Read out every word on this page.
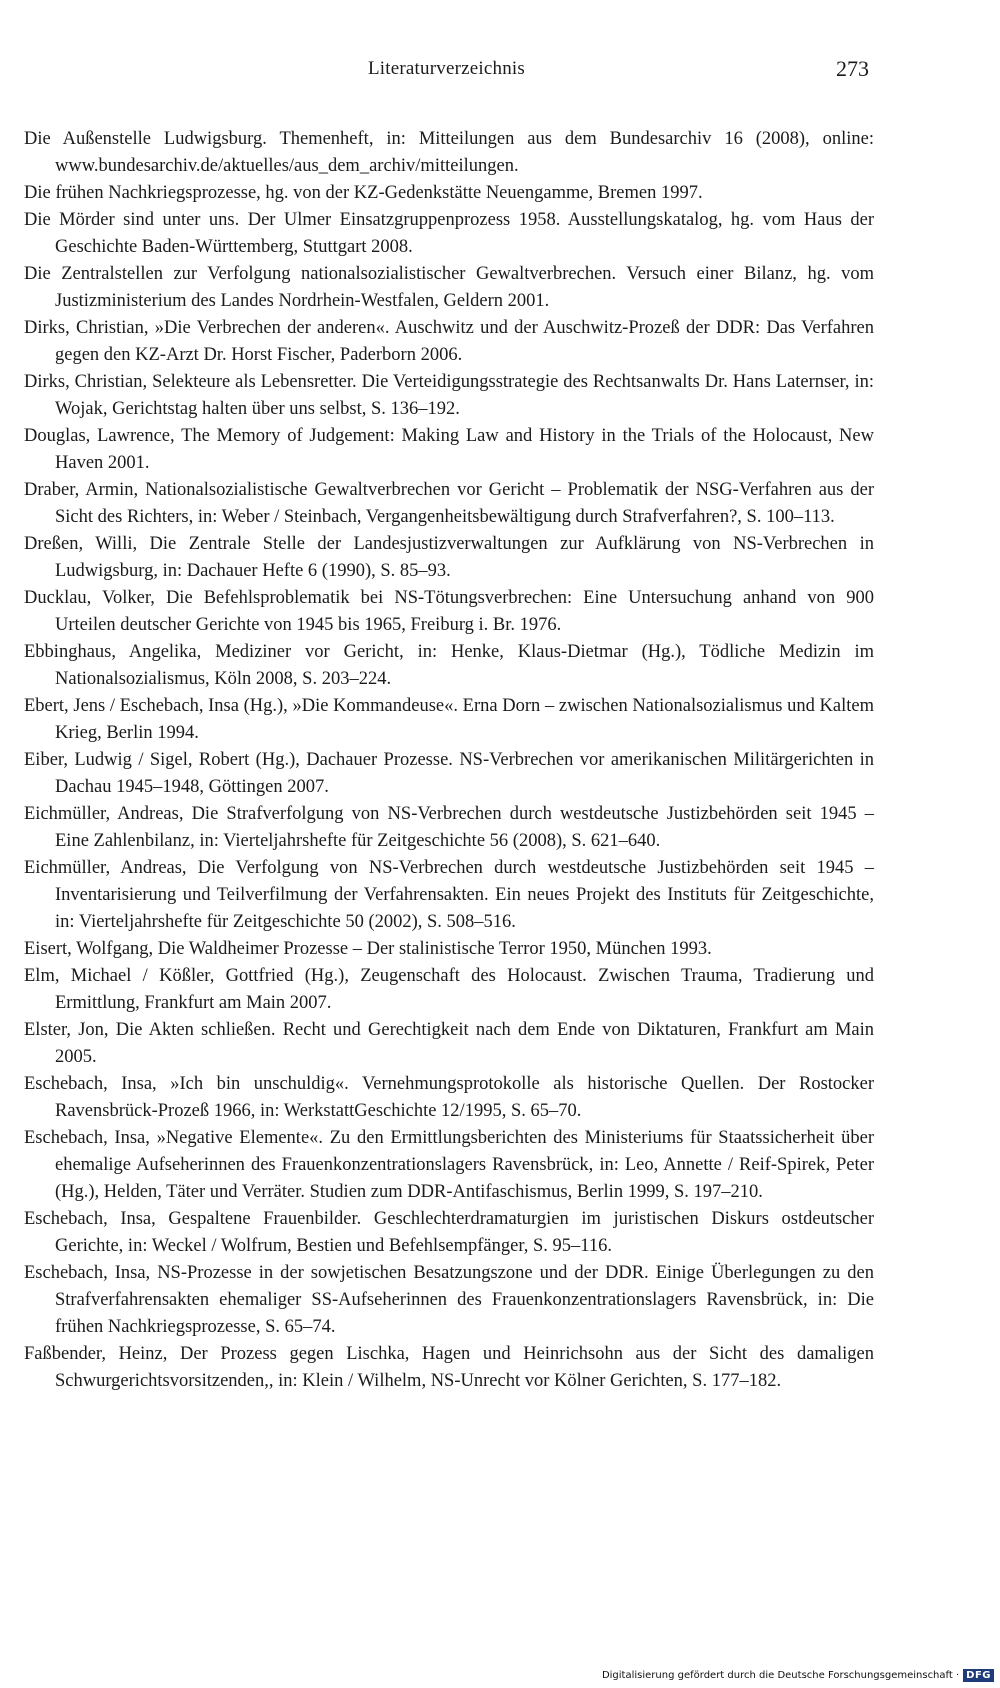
Literaturverzeichnis	273
Die Außenstelle Ludwigsburg. Themenheft, in: Mitteilungen aus dem Bundesarchiv 16 (2008), online: www.bundesarchiv.de/aktuelles/aus_dem_archiv/mitteilungen.
Die frühen Nachkriegsprozesse, hg. von der KZ-Gedenkstätte Neuengamme, Bremen 1997.
Die Mörder sind unter uns. Der Ulmer Einsatzgruppenprozess 1958. Ausstellungskatalog, hg. vom Haus der Geschichte Baden-Württemberg, Stuttgart 2008.
Die Zentralstellen zur Verfolgung nationalsozialistischer Gewaltverbrechen. Versuch einer Bilanz, hg. vom Justizministerium des Landes Nordrhein-Westfalen, Geldern 2001.
Dirks, Christian, »Die Verbrechen der anderen«. Auschwitz und der Auschwitz-Prozeß der DDR: Das Verfahren gegen den KZ-Arzt Dr. Horst Fischer, Paderborn 2006.
Dirks, Christian, Selekteure als Lebensretter. Die Verteidigungsstrategie des Rechtsanwalts Dr. Hans Laternser, in: Wojak, Gerichtstag halten über uns selbst, S. 136–192.
Douglas, Lawrence, The Memory of Judgement: Making Law and History in the Trials of the Holocaust, New Haven 2001.
Draber, Armin, Nationalsozialistische Gewaltverbrechen vor Gericht – Problematik der NSG-Verfahren aus der Sicht des Richters, in: Weber / Steinbach, Vergangenheitsbewältigung durch Strafverfahren?, S. 100–113.
Dreßen, Willi, Die Zentrale Stelle der Landesjustizverwaltungen zur Aufklärung von NS-Verbrechen in Ludwigsburg, in: Dachauer Hefte 6 (1990), S. 85–93.
Ducklau, Volker, Die Befehlsproblematik bei NS-Tötungsverbrechen: Eine Untersuchung anhand von 900 Urteilen deutscher Gerichte von 1945 bis 1965, Freiburg i. Br. 1976.
Ebbinghaus, Angelika, Mediziner vor Gericht, in: Henke, Klaus-Dietmar (Hg.), Tödliche Medizin im Nationalsozialismus, Köln 2008, S. 203–224.
Ebert, Jens / Eschebach, Insa (Hg.), »Die Kommandeuse«. Erna Dorn – zwischen Nationalsozialismus und Kaltem Krieg, Berlin 1994.
Eiber, Ludwig / Sigel, Robert (Hg.), Dachauer Prozesse. NS-Verbrechen vor amerikanischen Militärgerichten in Dachau 1945–1948, Göttingen 2007.
Eichmüller, Andreas, Die Strafverfolgung von NS-Verbrechen durch westdeutsche Justizbehörden seit 1945 – Eine Zahlenbilanz, in: Vierteljahrshefte für Zeitgeschichte 56 (2008), S. 621–640.
Eichmüller, Andreas, Die Verfolgung von NS-Verbrechen durch westdeutsche Justizbehörden seit 1945 – Inventarisierung und Teilverfilmung der Verfahrensakten. Ein neues Projekt des Instituts für Zeitgeschichte, in: Vierteljahrshefte für Zeitgeschichte 50 (2002), S. 508–516.
Eisert, Wolfgang, Die Waldheimer Prozesse – Der stalinistische Terror 1950, München 1993.
Elm, Michael / Kößler, Gottfried (Hg.), Zeugenschaft des Holocaust. Zwischen Trauma, Tradierung und Ermittlung, Frankfurt am Main 2007.
Elster, Jon, Die Akten schließen. Recht und Gerechtigkeit nach dem Ende von Diktaturen, Frankfurt am Main 2005.
Eschebach, Insa, »Ich bin unschuldig«. Vernehmungsprotokolle als historische Quellen. Der Rostocker Ravensbrück-Prozeß 1966, in: WerkstattGeschichte 12/1995, S. 65–70.
Eschebach, Insa, »Negative Elemente«. Zu den Ermittlungsberichten des Ministeriums für Staatssicherheit über ehemalige Aufseherinnen des Frauenkonzentrationslagers Ravensbrück, in: Leo, Annette / Reif-Spirek, Peter (Hg.), Helden, Täter und Verräter. Studien zum DDR-Antifaschismus, Berlin 1999, S. 197–210.
Eschebach, Insa, Gespaltene Frauenbilder. Geschlechterdramaturgien im juristischen Diskurs ostdeutscher Gerichte, in: Weckel / Wolfrum, Bestien und Befehlsempfänger, S. 95–116.
Eschebach, Insa, NS-Prozesse in der sowjetischen Besatzungszone und der DDR. Einige Überlegungen zu den Strafverfahrensakten ehemaliger SS-Aufseherinnen des Frauenkonzentrationslagers Ravensbrück, in: Die frühen Nachkriegsprozesse, S. 65–74.
Faßbender, Heinz, Der Prozess gegen Lischka, Hagen und Heinrichsohn aus der Sicht des damaligen Schwurgerichtsvorsitzenden,, in: Klein / Wilhelm, NS-Unrecht vor Kölner Gerichten, S. 177–182.
Digitalisierung gefördert durch die Deutsche Forschungsgemeinschaft · DFG
